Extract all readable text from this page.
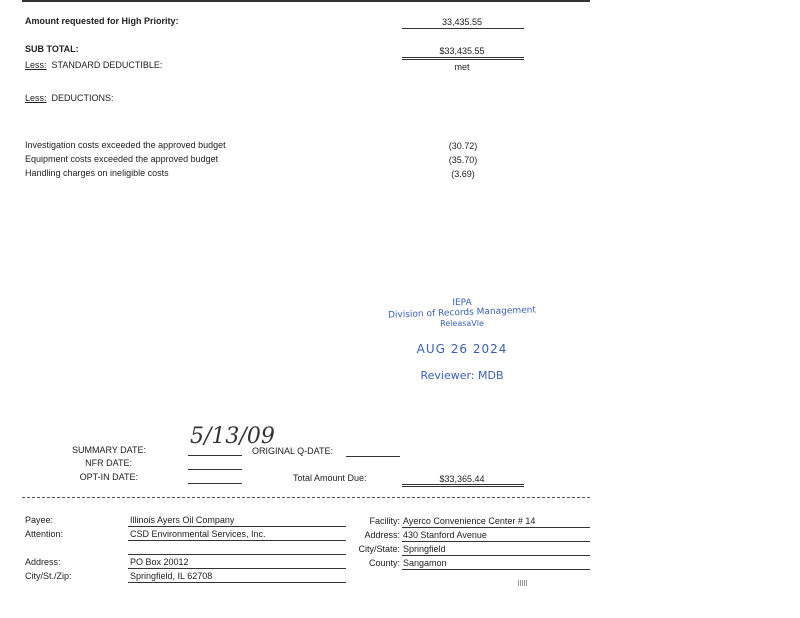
Amount requested for High Priority:	33,435.55
SUB TOTAL:	$33,435.55
Less: STANDARD DEDUCTIBLE:	met
Less: DEDUCTIONS:
Investigation costs exceeded the approved budget	(30.72)
Equipment costs exceeded the approved budget	(35.70)
Handling charges on ineligible costs	(3.69)
IEPA
Division of Records Management
ReleasaVle
AUG 26 2024
Reviewer: MDB
SUMMARY DATE:
5/13/09
NFR DATE:
OPT-IN DATE:
ORIGINAL Q-DATE:
Total Amount Due:	$33,365.44
Payee:	Illinois Ayers Oil Company
Attention:	CSD Environmental Services, Inc.
Address:	PO Box 20012
City/St./Zip:	Springfield, IL 62708
Facility: Ayerco Convenience Center # 14
Address: 430 Stanford Avenue
City/State: Springfield
County: Sangamon
